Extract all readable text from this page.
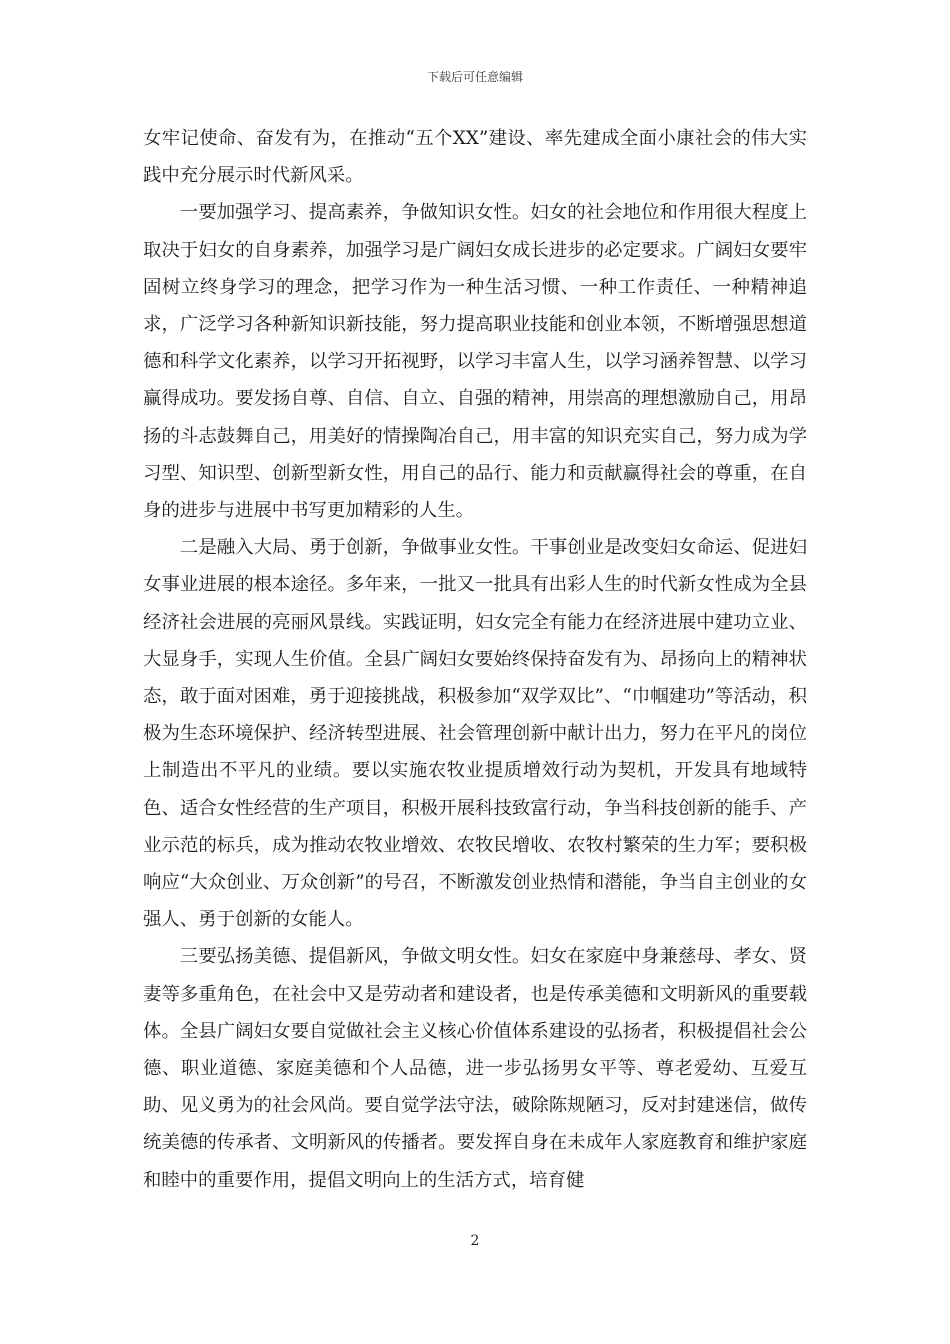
下载后可任意编辑

女牢记使命、奋发有为，在推动“五个XX”建设、率先建成全面小康社会的伟大实践中充分展示时代新风采。

一要加强学习、提高素养，争做知识女性。妇女的社会地位和作用很大程度上取决于妇女的自身素养，加强学习是广阔妇女成长进步的必定要求。广阔妇女要牢固树立终身学习的理念，把学习作为一种生活习惯、一种工作责任、一种精神追求，广泛学习各种新知识新技能，努力提高职业技能和创业本领，不断增强思想道德和科学文化素养，以学习开拓视野，以学习丰富人生，以学习涵养智慧、以学习赢得成功。要发扬自尊、自信、自立、自强的精神，用崇高的理想激励自己，用昂扬的斗志鼓舞自己，用美好的情操陶冶自己，用丰富的知识充实自己，努力成为学习型、知识型、创新型新女性，用自己的品行、能力和贡献赢得社会的尊重，在自身的进步与进展中书写更加精彩的人生。

二是融入大局、勇于创新，争做事业女性。干事创业是改变妇女命运、促进妇女事业进展的根本途径。多年来，一批又一批具有出彩人生的时代新女性成为全县经济社会进展的亮丽风景线。实践证明，妇女完全有能力在经济进展中建功立业、大显身手，实现人生价值。全县广阔妇女要始终保持奋发有为、昂扬向上的精神状态，敢于面对困难，勇于迎接挑战，积极参加“双学双比”、“巾帼建功”等活动，积极为生态环境保护、经济转型进展、社会管理创新中献计出力，努力在平凡的岗位上制造出不平凡的业绩。要以实施农牧业提质增效行动为契机，开发具有地域特色、适合女性经营的生产项目，积极开展科技致富行动，争当科技创新的能手、产业示范的标兵，成为推动农牧业增效、农牧民增收、农牧村繁荣的生力军；要积极响应“大众创业、万众创新”的号召，不断激发创业热情和潜能，争当自主创业的女强人、勇于创新的女能人。

三要弘扬美德、提倡新风，争做文明女性。妇女在家庭中身兼慈母、孝女、贤妻等多重角色，在社会中又是劳动者和建设者，也是传承美德和文明新风的重要载体。全县广阔妇女要自觉做社会主义核心价值体系建设的弘扬者，积极提倡社会公德、职业道德、家庭美德和个人品德，进一步弘扬男女平等、尊老爱幼、互爱互助、见义勇为的社会风尚。要自觉学法守法，破除陈规陋习，反对封建迷信，做传统美德的传承者、文明新风的传播者。要发挥自身在未成年人家庭教育和维护家庭和睦中的重要作用，提倡文明向上的生活方式，培育健

2
